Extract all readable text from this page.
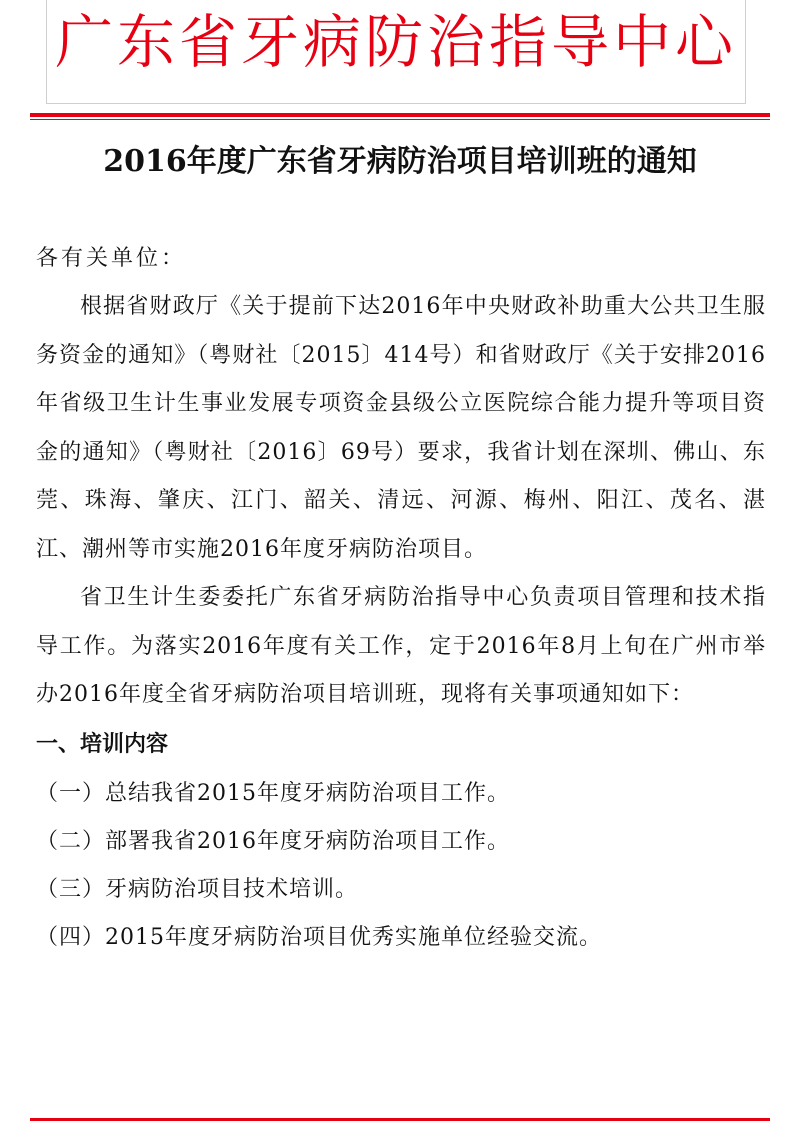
广东省牙病防治指导中心
2016年度广东省牙病防治项目培训班的通知

各有关单位：

根据省财政厅《关于提前下达2016年中央财政补助重大公共卫生服务资金的通知》（粤财社〔2015〕414号）和省财政厅《关于安排2016年省级卫生计生事业发展专项资金县级公立医院综合能力提升等项目资金的通知》（粤财社〔2016〕69号）要求，我省计划在深圳、佛山、东莞、珠海、肇庆、江门、韶关、清远、河源、梅州、阳江、茂名、湛江、潮州等市实施2016年度牙病防治项目。

省卫生计生委委托广东省牙病防治指导中心负责项目管理和技术指导工作。为落实2016年度有关工作，定于2016年8月上旬在广州市举办2016年度全省牙病防治项目培训班，现将有关事项通知如下：

一、培训内容

（一）总结我省2015年度牙病防治项目工作。

（二）部署我省2016年度牙病防治项目工作。

（三）牙病防治项目技术培训。

（四）2015年度牙病防治项目优秀实施单位经验交流。
